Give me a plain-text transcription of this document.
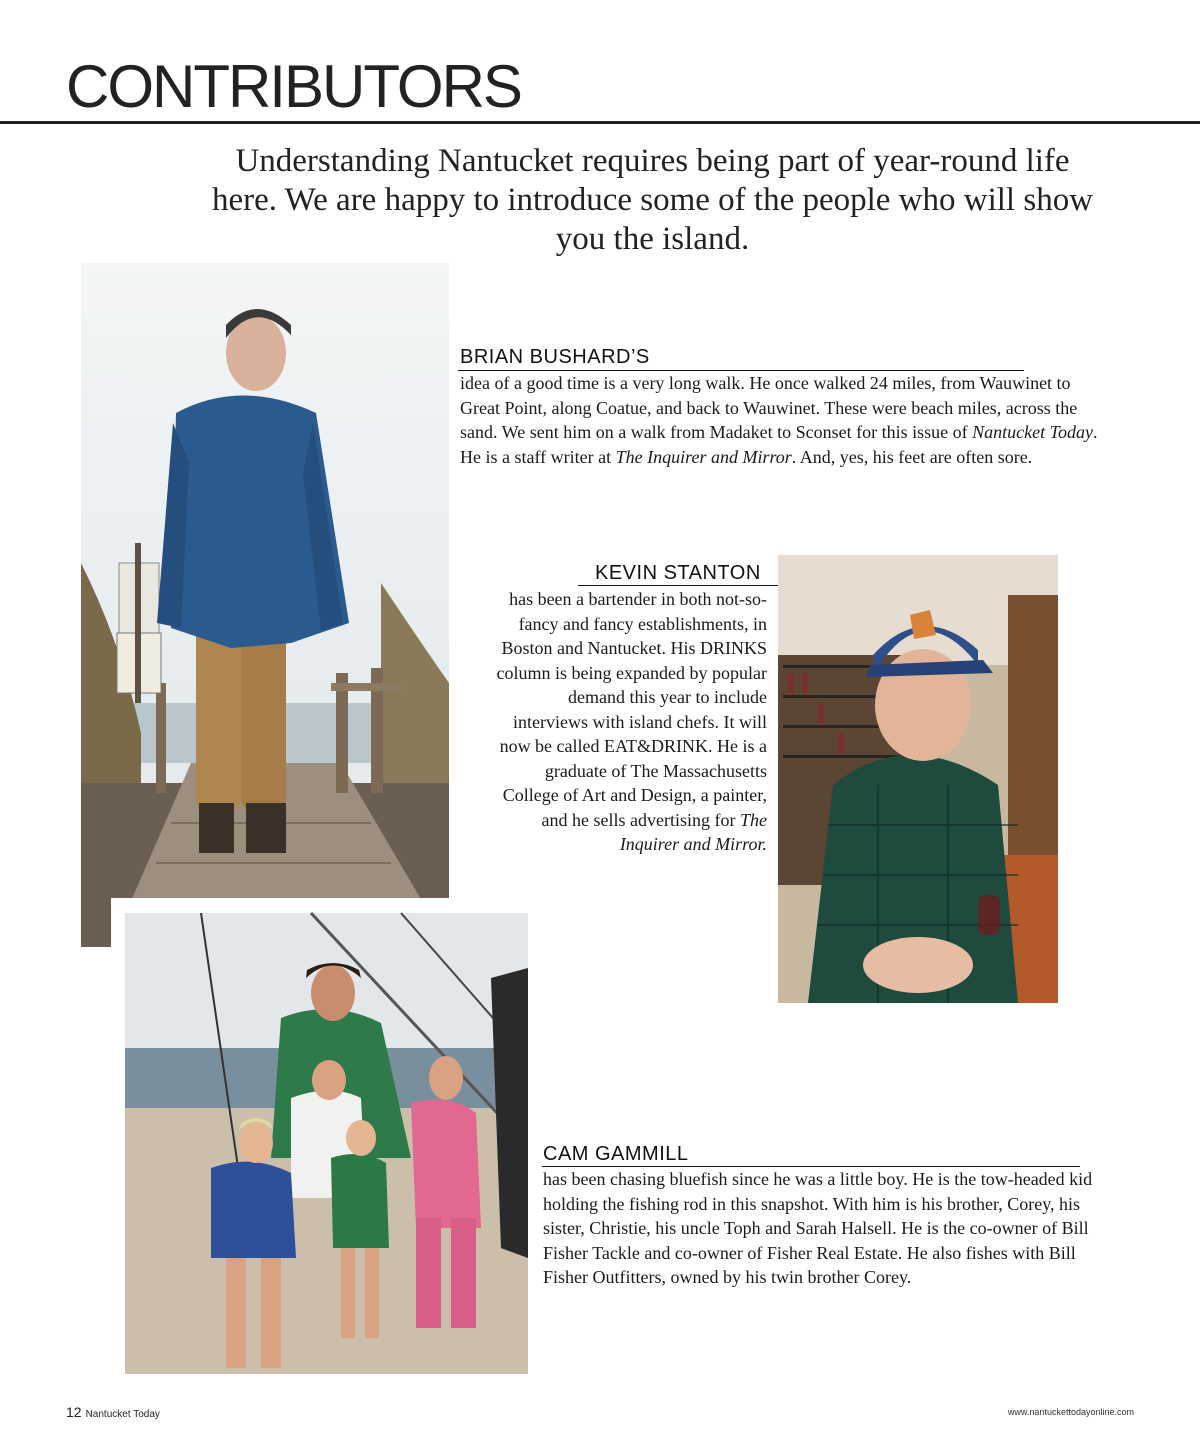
CONTRIBUTORS

Understanding Nantucket requires being part of year-round life here. We are happy to introduce some of the people who will show you the island.

BRIAN BUSHARD’S

idea of a good time is a very long walk. He once walked 24 miles, from Wauwinet to Great Point, along Coatue, and back to Wauwinet. These were beach miles, across the sand. We sent him on a walk from Madaket to Sconset for this issue of Nantucket Today. He is a staff writer at The Inquirer and Mirror. And, yes, his feet are often sore.

KEVIN STANTON

has been a bartender in both not-so-fancy and fancy establishments, in Boston and Nantucket. His DRINKS column is being expanded by popular demand this year to include interviews with island chefs. It will now be called EAT&DRINK. He is a graduate of The Massachusetts College of Art and Design, a painter, and he sells advertising for The Inquirer and Mirror.

CAM GAMMILL

has been chasing bluefish since he was a little boy. He is the tow-headed kid holding the fishing rod in this snapshot. With him is his brother, Corey, his sister, Christie, his uncle Toph and Sarah Halsell. He is the co-owner of Bill Fisher Tackle and co-owner of Fisher Real Estate. He also fishes with Bill Fisher Outfitters, owned by his twin brother Corey.

12 Nantucket Today	www.nantuckettodayonline.com
